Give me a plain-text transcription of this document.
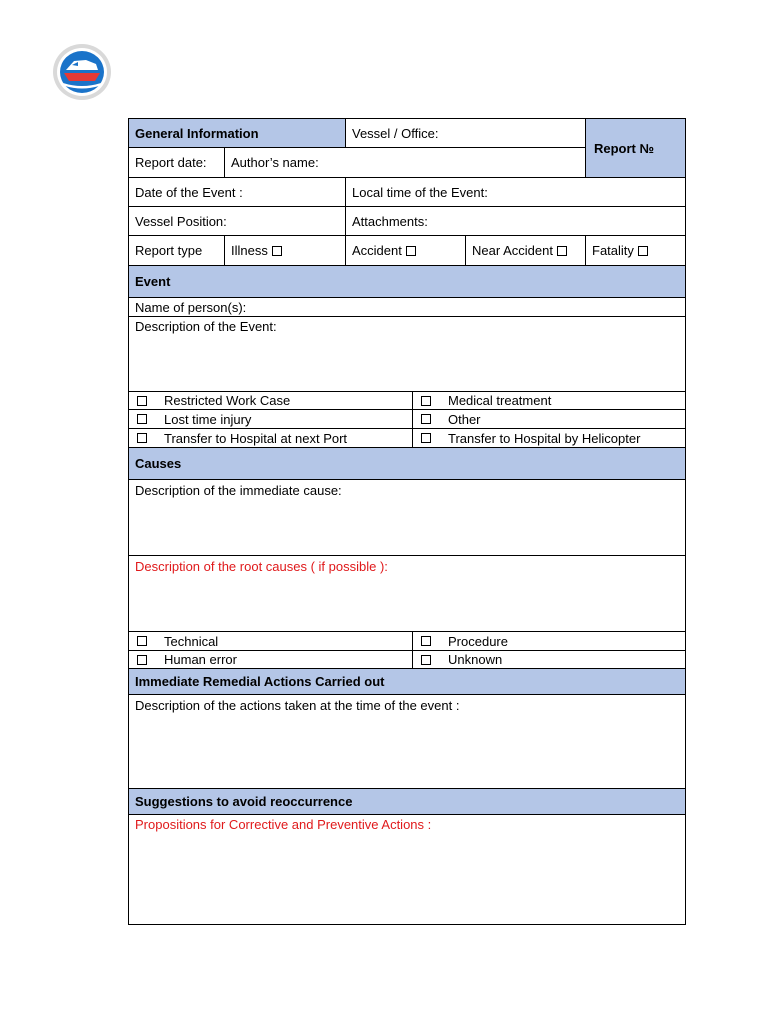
General Information	Vessel / Office:
Report №
Report date:	Author’s name:
Date of the Event :	Local time of the Event:
Vessel Position:	Attachments:
Report type	Illness	Accident	Near Accident	Fatality
Event
Name of person(s):
Description of the Event:
Restricted Work Case	Medical treatment
Lost time injury	Other
Transfer to Hospital at next Port	Transfer to Hospital by Helicopter
Causes
Description of the immediate cause:
Description of the root causes ( if possible ):
Technical	Procedure
Human error	Unknown
Immediate Remedial Actions Carried out
Description of the actions taken at the time of the event :
Suggestions to avoid reoccurrence
Propositions for Corrective and Preventive Actions :
